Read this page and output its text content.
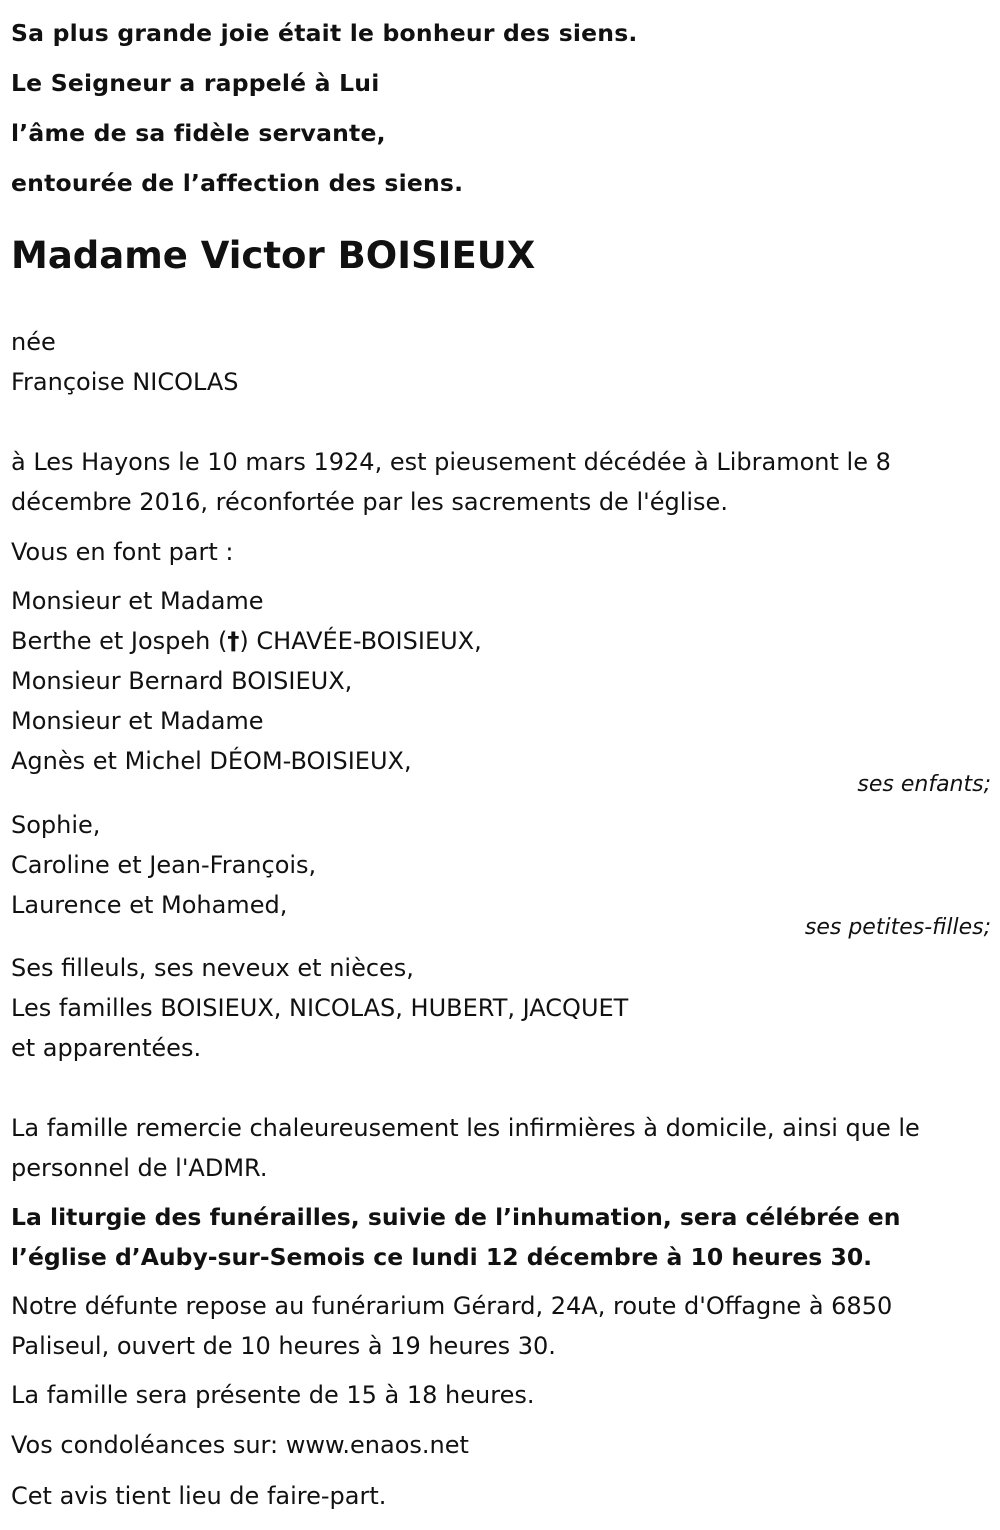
Sa plus grande joie était le bonheur des siens.
Le Seigneur a rappelé à Lui
l’âme de sa fidèle servante,
entourée de l’affection des siens.
Madame Victor BOISIEUX
née
Françoise NICOLAS
à Les Hayons le 10 mars 1924, est pieusement décédée à Libramont le 8 décembre 2016, réconfortée par les sacrements de l'église.
Vous en font part :
Monsieur et Madame
Berthe et Jospeh (†) CHAVÉE-BOISIEUX,
Monsieur Bernard BOISIEUX,
Monsieur et Madame
Agnès et Michel DÉOM-BOISIEUX,
ses enfants;
Sophie,
Caroline et Jean-François,
Laurence et Mohamed,
ses petites-filles;
Ses filleuls, ses neveux et nièces,
Les familles BOISIEUX, NICOLAS, HUBERT, JACQUET
et apparentées.
La famille remercie chaleureusement les infirmières à domicile, ainsi que le personnel de l'ADMR.
La liturgie des funérailles, suivie de l’inhumation, sera célébrée en l’église d’Auby-sur-Semois ce lundi 12 décembre à 10 heures 30.
Notre défunte repose au funérarium Gérard, 24A, route d'Offagne à 6850 Paliseul, ouvert de 10 heures à 19 heures 30.
La famille sera présente de 15 à 18 heures.
Vos condoléances sur: www.enaos.net
Cet avis tient lieu de faire-part.
